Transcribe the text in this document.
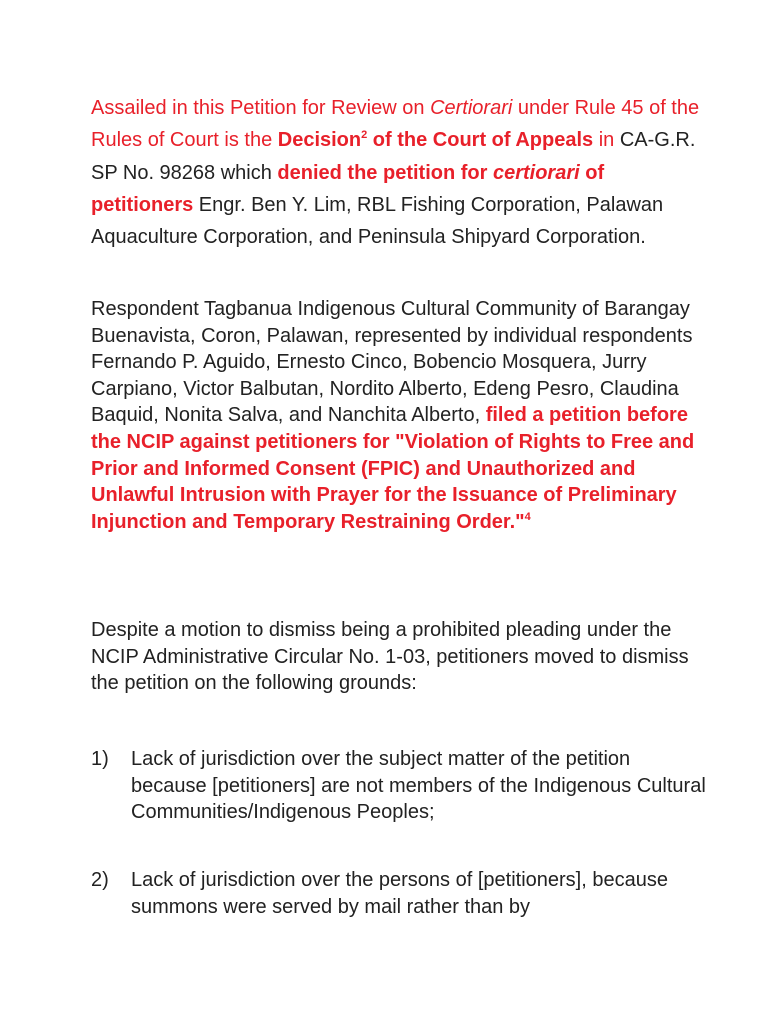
Assailed in this Petition for Review on Certiorari under Rule 45 of the Rules of Court is the Decision$^2$ of the Court of Appeals in CA-G.R. SP No. 98268 which denied the petition for certiorari of petitioners Engr. Ben Y. Lim, RBL Fishing Corporation, Palawan Aquaculture Corporation, and Peninsula Shipyard Corporation.

Respondent Tagbanua Indigenous Cultural Community of Barangay Buenavista, Coron, Palawan, represented by individual respondents Fernando P. Aguido, Ernesto Cinco, Bobencio Mosquera, Jurry Carpiano, Victor Balbutan, Nordito Alberto, Edeng Pesro, Claudina Baquid, Nonita Salva, and Nanchita Alberto, filed a petition before the NCIP against petitioners for "Violation of Rights to Free and Prior and Informed Consent (FPIC) and Unauthorized and Unlawful Intrusion with Prayer for the Issuance of Preliminary Injunction and Temporary Restraining Order."$^4$

Despite a motion to dismiss being a prohibited pleading under the NCIP Administrative Circular No. 1-03, petitioners moved to dismiss the petition on the following grounds:

1) Lack of jurisdiction over the subject matter of the petition because [petitioners] are not members of the Indigenous Cultural Communities/Indigenous Peoples;
2) Lack of jurisdiction over the persons of [petitioners], because summons were served by mail rather than by
